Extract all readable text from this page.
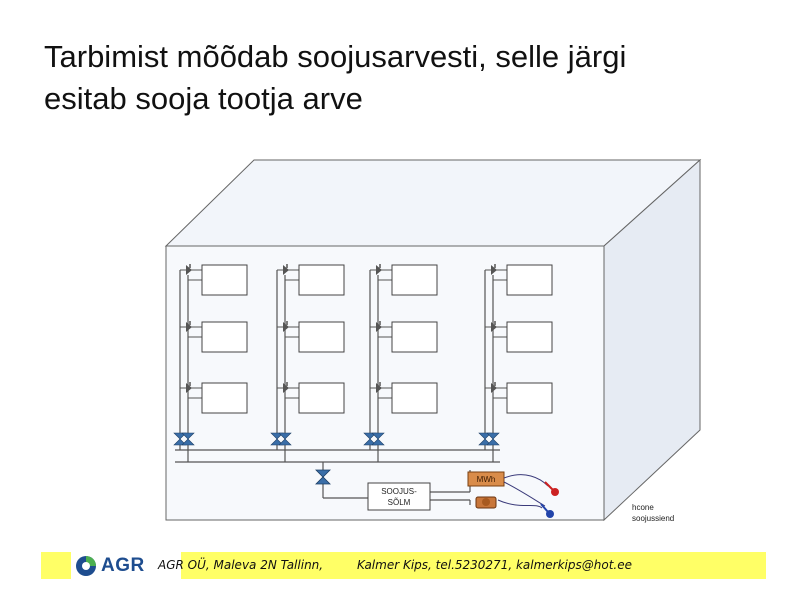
Tarbimist mõõdab soojusarvesti, selle järgi
esitab sooja tootja arve
SOOJUS-
SÕLM
MWh
hcone
soojussiend
AGR AGR OÜ, Maleva 2N Tallinn,	Kalmer Kips, tel.5230271, kalmerkips@hot.ee
